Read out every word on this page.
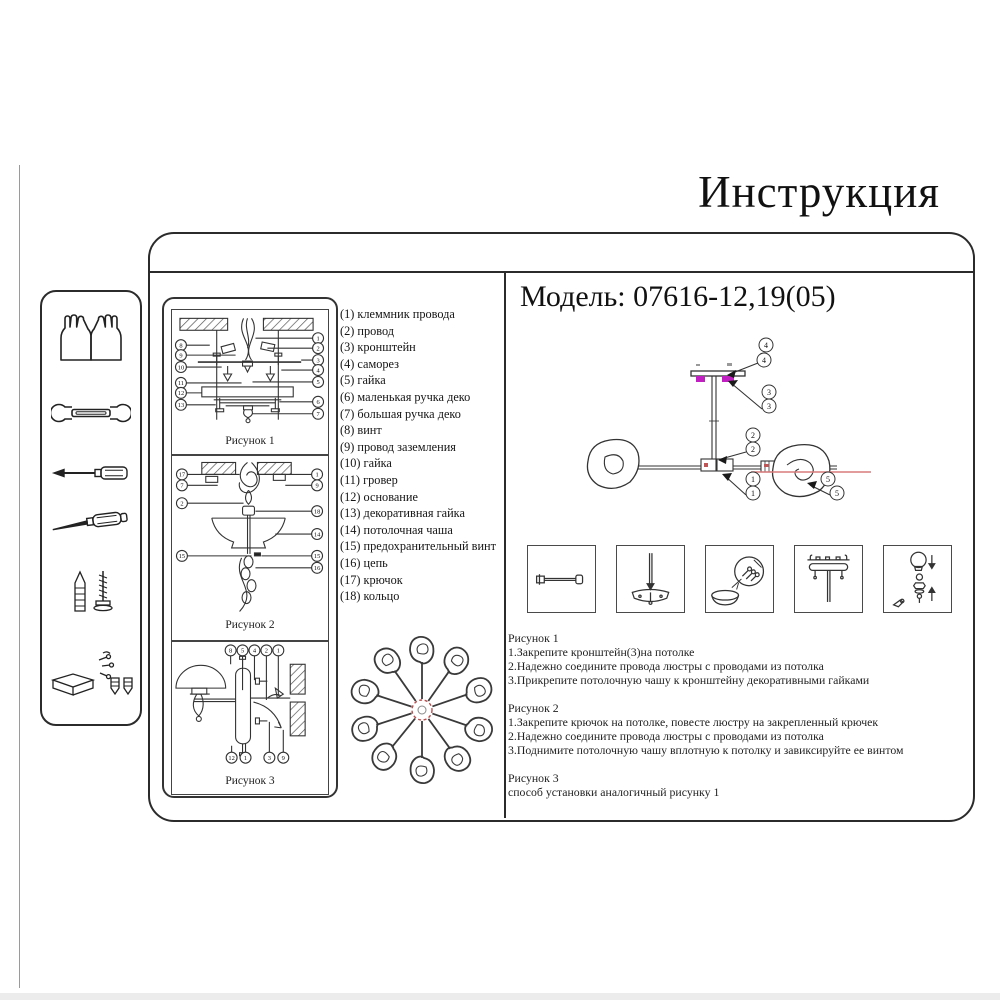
Инструкция
8
9
10
11
12
13
1
2
3
4
5
6
7
Рисунок 1
17
7
2
15
1
9
18
14
15
16
Рисунок 2
8 5 4 2 1
12 1	3 9
Рисунок 3
(1) клеммник провода
(2) провод
(3) кронштейн
(4) саморез
(5) гайка
(6) маленькая ручка деко
(7) большая ручка деко
(8) винт
(9) провод заземления
(10) гайка
(11) гровер
(12) основание
(13) декоративная гайка
(14) потолочная чаша
(15) предохранительный винт
(16) цепь
(17) крючок
(18) кольцо
Модель: 07616-12,19(05)
4
4
3
3
2
2
1
1
5
5
Рисунок 1
1.Закрепите кронштейн(3)на потолке
2.Надежно соедините провода люстры с проводами из потолка
3.Прикрепите потолочную чашу к кронштейну декоративными гайками
Рисунок 2
1.Закрепите крючок на потолке, повесте люстру на закрепленный крючек
2.Надежно соедините провода люстры с проводами из потолка
3.Поднимите потолочную чашу вплотную к потолку и завиксируйте ее винтом
Рисунок 3
способ установки аналогичный рисунку 1
